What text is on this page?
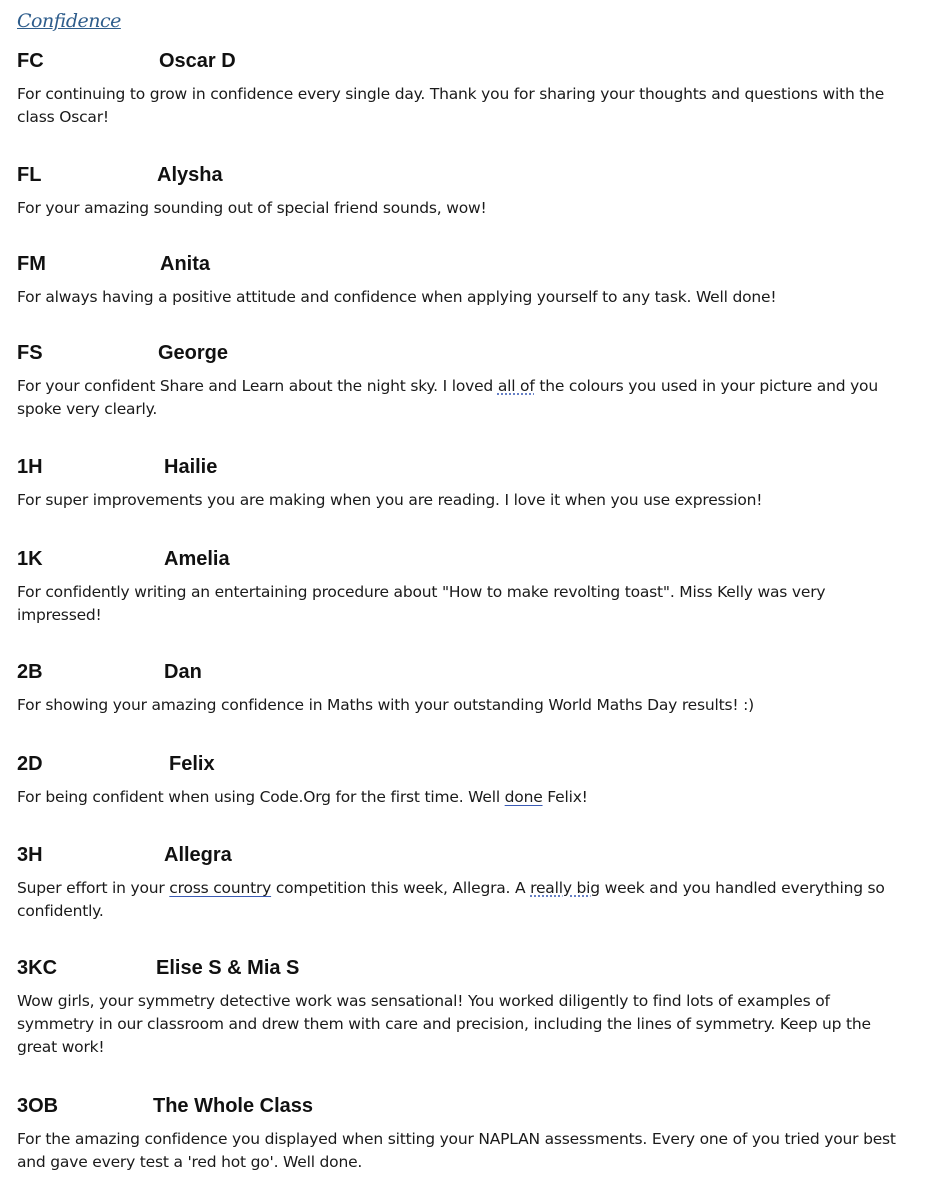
Confidence
FC	Oscar D

For continuing to grow in confidence every single day. Thank you for sharing your thoughts and questions with the class Oscar!

FL	Alysha

For your amazing sounding out of special friend sounds, wow!

FM	Anita

For always having a positive attitude and confidence when applying yourself to any task. Well done!

FS	George

For your confident Share and Learn about the night sky. I loved all of the colours you used in your picture and you spoke very clearly.

1H	Hailie

For super improvements you are making when you are reading. I love it when you use expression!

1K	Amelia

For confidently writing an entertaining procedure about "How to make revolting toast". Miss Kelly was very impressed!

2B	Dan

For showing your amazing confidence in Maths with your outstanding World Maths Day results! :)

2D	Felix

For being confident when using Code.Org for the first time. Well done Felix!

3H	Allegra

Super effort in your cross country competition this week, Allegra. A really big week and you handled everything so confidently.

3KC	Elise S & Mia S

Wow girls, your symmetry detective work was sensational! You worked diligently to find lots of examples of symmetry in our classroom and drew them with care and precision, including the lines of symmetry. Keep up the great work!

3OB	The Whole Class

For the amazing confidence you displayed when sitting your NAPLAN assessments. Every one of you tried your best and gave every test a 'red hot go'. Well done.
